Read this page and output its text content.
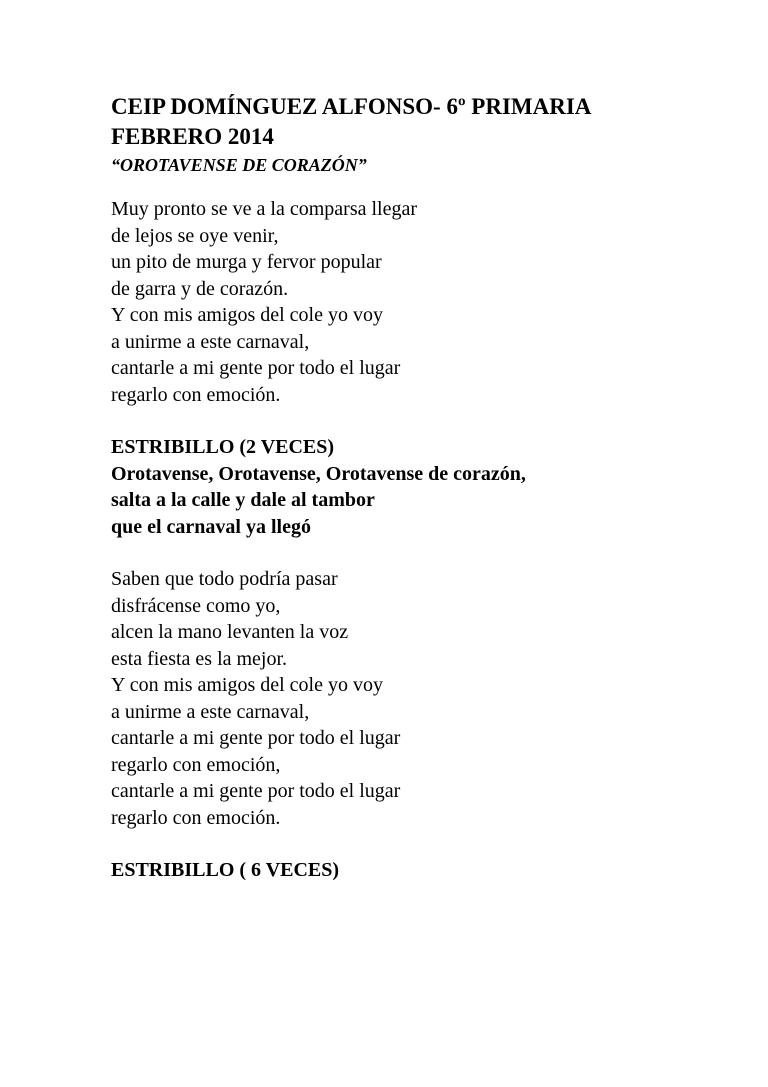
CEIP DOMÍNGUEZ ALFONSO- 6º PRIMARIA
FEBRERO 2014
“OROTAVENSE DE CORAZÓN”
Muy pronto se ve a la comparsa llegar
de lejos se oye venir,
un pito de murga y fervor popular
de garra y de corazón.
Y con mis amigos del cole yo voy
a unirme a este carnaval,
cantarle a mi gente por todo el lugar
regarlo con emoción.
ESTRIBILLO (2 VECES)
Orotavense, Orotavense, Orotavense de corazón,
salta a la calle y dale al tambor
que el carnaval ya llegó
Saben que todo podría pasar
disfrácense como yo,
alcen la mano levanten la voz
esta fiesta es la mejor.
Y con mis amigos del cole yo voy
a unirme a este carnaval,
cantarle a mi gente por todo el lugar
regarlo con emoción,
cantarle a mi gente por todo el lugar
regarlo con emoción.
ESTRIBILLO ( 6 VECES)
